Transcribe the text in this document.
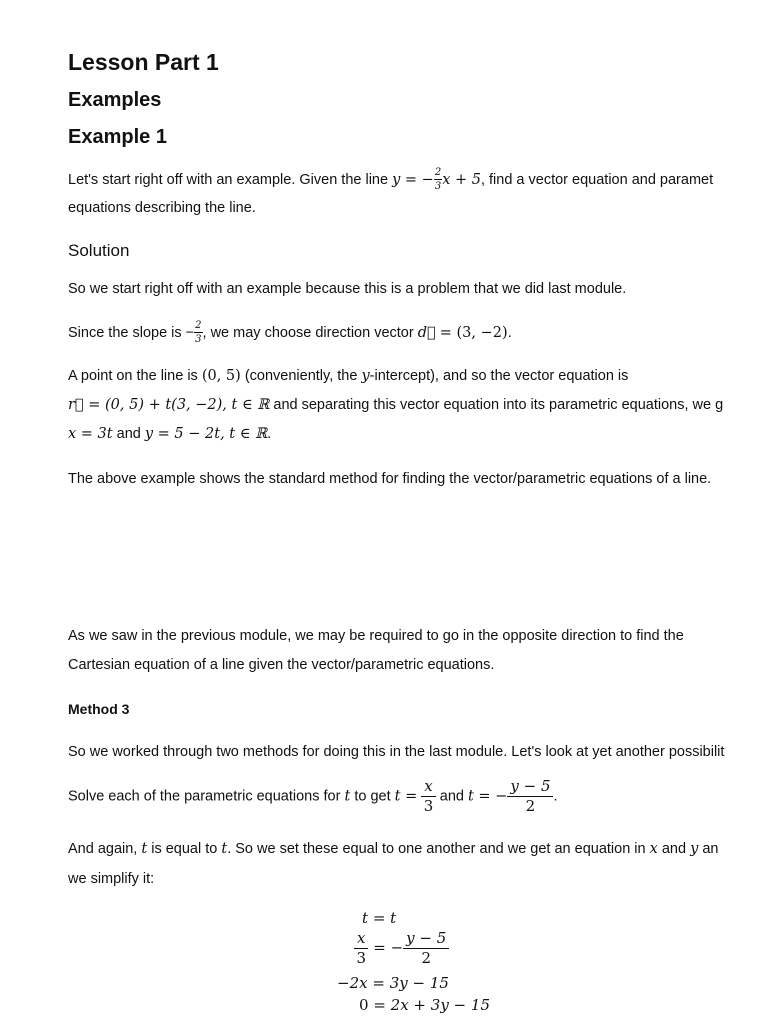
Lesson Part 1
Examples
Example 1
Let's start right off with an example. Given the line y = − $\frac{2}{3}$ x + 5, find a vector equation and paramet
equations describing the line.
Solution
So we start right off with an example because this is a problem that we did last module.
Since the slope is − $\frac{2}{3}$ , we may choose direction vector d⃗ = (3, −2).
A point on the line is (0, 5) (conveniently, the y-intercept), and so the vector equation is
r⃗ = (0, 5) + t(3, −2), t ∈ ℝ and separating this vector equation into its parametric equations, we g
x = 3t and y = 5 − 2t, t ∈ ℝ.
The above example shows the standard method for finding the vector/parametric equations of a line.
As we saw in the previous module, we may be required to go in the opposite direction to find the
Cartesian equation of a line given the vector/parametric equations.
Method 3
So we worked through two methods for doing this in the last module. Let's look at yet another possibilit
Solve each of the parametric equations for t to get $t = \frac{x}{3}$ and t = − $\frac{y - 5}{2}$ .
And again, t is equal to t. So we set these equal to one another and we get an equation in x and y an
we simplify it:
t = t
$\frac{x}{3}$ = − $\frac{y - 5}{2}$
−2x = 3y − 15
0 = 2x + 3y − 15
